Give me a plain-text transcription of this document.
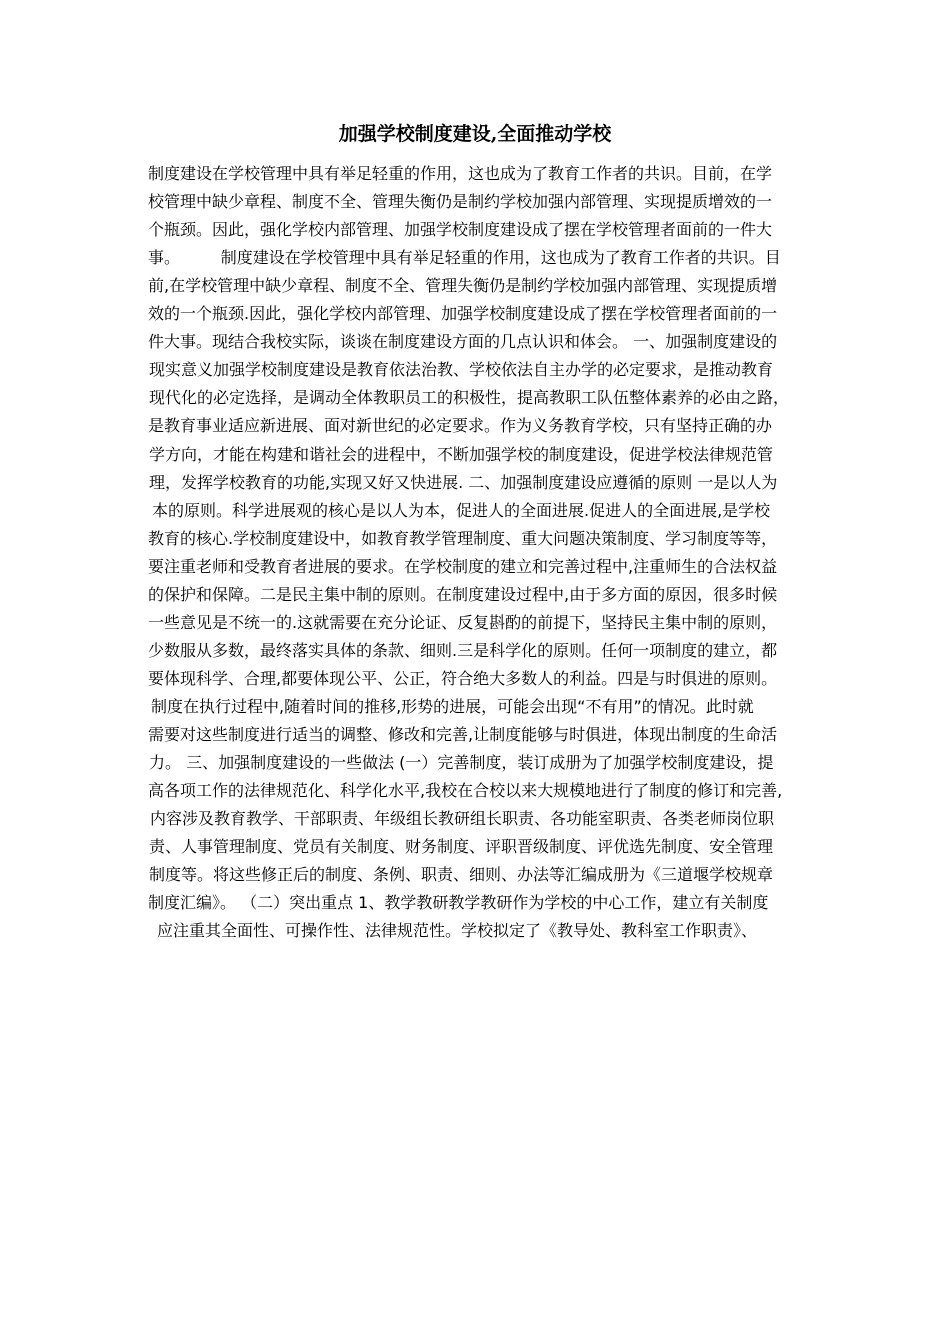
加强学校制度建设,全面推动学校
制度建设在学校管理中具有举足轻重的作用，这也成为了教育工作者的共识。目前，在学
校管理中缺少章程、制度不全、管理失衡仍是制约学校加强内部管理、实现提质增效的一
个瓶颈。因此，强化学校内部管理、加强学校制度建设成了摆在学校管理者面前的一件大
事。        制度建设在学校管理中具有举足轻重的作用，这也成为了教育工作者的共识。目
前,在学校管理中缺少章程、制度不全、管理失衡仍是制约学校加强内部管理、实现提质增
效的一个瓶颈.因此，强化学校内部管理、加强学校制度建设成了摆在学校管理者面前的一
件大事。现结合我校实际，谈谈在制度建设方面的几点认识和体会。 一、加强制度建设的
现实意义加强学校制度建设是教育依法治教、学校依法自主办学的必定要求，是推动教育
现代化的必定选择，是调动全体教职员工的积极性，提高教职工队伍整体素养的必由之路，
是教育事业适应新进展、面对新世纪的必定要求。作为义务教育学校，只有坚持正确的办
学方向，才能在构建和谐社会的进程中，不断加强学校的制度建设，促进学校法律规范管
理，发挥学校教育的功能,实现又好又快进展. 二、加强制度建设应遵循的原则 一是以人为
本的原则。科学进展观的核心是以人为本，促进人的全面进展.促进人的全面进展,是学校
教育的核心.学校制度建设中，如教育教学管理制度、重大问题决策制度、学习制度等等，
要注重老师和受教育者进展的要求。在学校制度的建立和完善过程中,注重师生的合法权益
的保护和保障。二是民主集中制的原则。在制度建设过程中,由于多方面的原因，很多时候
一些意见是不统一的.这就需要在充分论证、反复斟酌的前提下，坚持民主集中制的原则，
少数服从多数，最终落实具体的条款、细则.三是科学化的原则。任何一项制度的建立，都
要体现科学、合理,都要体现公平、公正，符合绝大多数人的利益。四是与时俱进的原则。
制度在执行过程中,随着时间的推移,形势的进展，可能会出现“不有用”的情况。此时就
需要对这些制度进行适当的调整、修改和完善,让制度能够与时俱进，体现出制度的生命活
力。 三、加强制度建设的一些做法 (一）完善制度，装订成册为了加强学校制度建设，提
高各项工作的法律规范化、科学化水平,我校在合校以来大规模地进行了制度的修订和完善,
内容涉及教育教学、干部职责、年级组长教研组长职责、各功能室职责、各类老师岗位职
责、人事管理制度、党员有关制度、财务制度、评职晋级制度、评优选先制度、安全管理
制度等。将这些修正后的制度、条例、职责、细则、办法等汇编成册为《三道堰学校规章
制度汇编》。 （二）突出重点 1、教学教研教学教研作为学校的中心工作，建立有关制度
应注重其全面性、可操作性、法律规范性。学校拟定了《教导处、教科室工作职责》、
